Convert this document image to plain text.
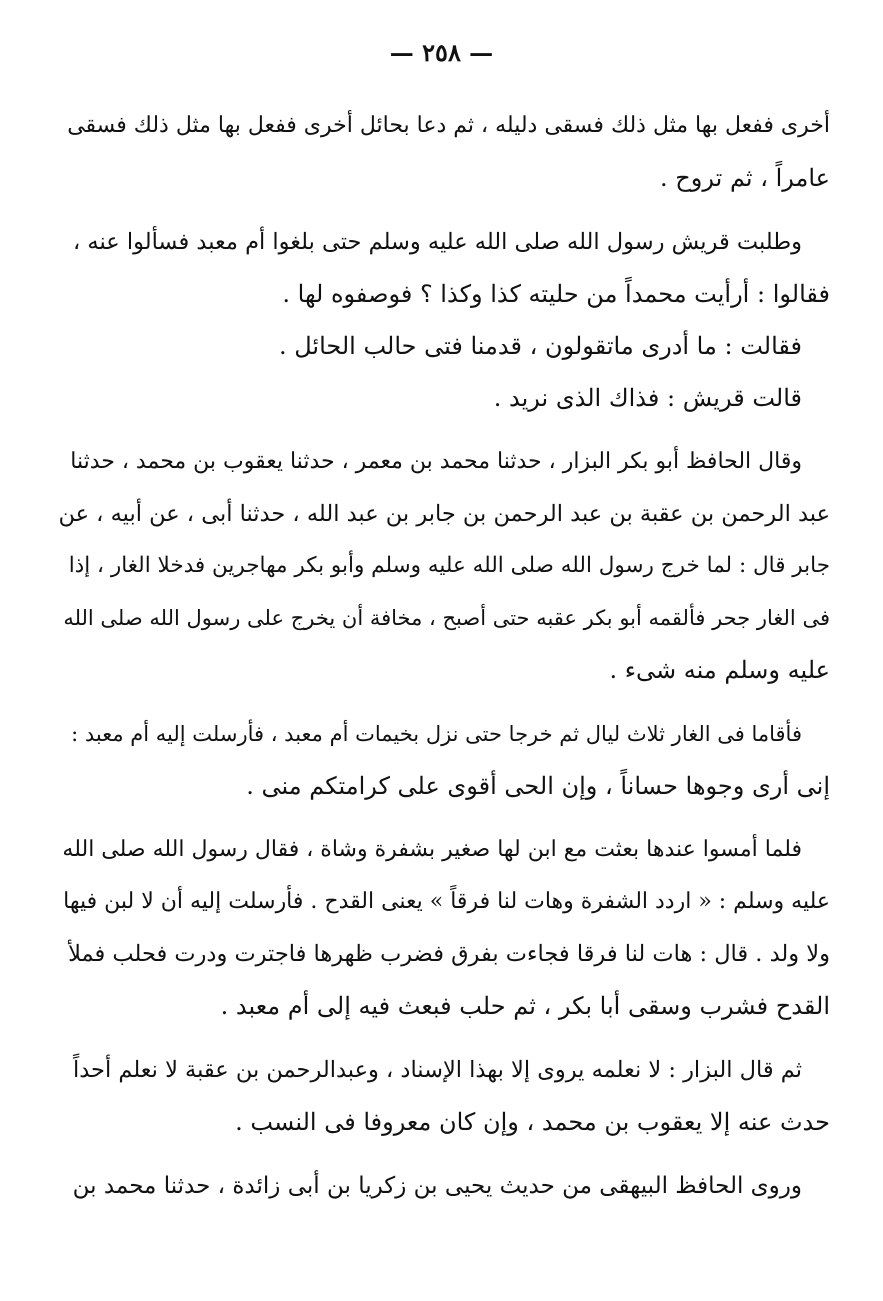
— ٢٥٨ —
أخرى ففعل بها مثل ذلك فسقى دليله ، ثم دعا بحائل أخرى ففعل بها مثل ذلك فسقى
عامراً ، ثم تروح .
وطلبت قريش رسول الله صلى الله عليه وسلم حتى بلغوا أم معبد فسألوا عنه ،
فقالوا : أرأيت محمداً من حليته كذا وكذا ؟ فوصفوه لها .
فقالت : ما أدرى ماتقولون ، قدمنا فتى حالب الحائل .
قالت قريش : فذاك الذى نريد .
وقال الحافظ أبو بكر البزار ، حدثنا محمد بن معمر ، حدثنا يعقوب بن محمد ، حدثنا
عبد الرحمن بن عقبة بن عبد الرحمن بن جابر بن عبد الله ، حدثنا أبى ، عن أبيه ، عن
جابر قال : لما خرج رسول الله صلى الله عليه وسلم وأبو بكر مهاجرين فدخلا الغار ، إذا
فى الغار جحر فألقمه أبو بكر عقبه حتى أصبح ، مخافة أن يخرج على رسول الله صلى الله
عليه وسلم منه شىء .
فأقاما فى الغار ثلاث ليال ثم خرجا حتى نزل بخيمات أم معبد ، فأرسلت إليه أم معبد :
إنى أرى وجوها حساناً ، وإن الحى أقوى على كرامتكم منى .
فلما أمسوا عندها بعثت مع ابن لها صغير بشفرة وشاة ، فقال رسول الله صلى الله
عليه وسلم : « اردد الشفرة وهات لنا فرقاً » يعنى القدح . فأرسلت إليه أن لا لبن فيها
ولا ولد . قال : هات لنا فرقا فجاءت بفرق فضرب ظهرها فاجترت ودرت فحلب فملأ
القدح فشرب وسقى أبا بكر ، ثم حلب فبعث فيه إلى أم معبد .
ثم قال البزار : لا نعلمه يروى إلا بهذا الإسناد ، وعبدالرحمن بن عقبة لا نعلم أحداً
حدث عنه إلا يعقوب بن محمد ، وإن كان معروفا فى النسب .
وروى الحافظ البيهقى من حديث يحيى بن زكريا بن أبى زائدة ، حدثنا محمد بن
